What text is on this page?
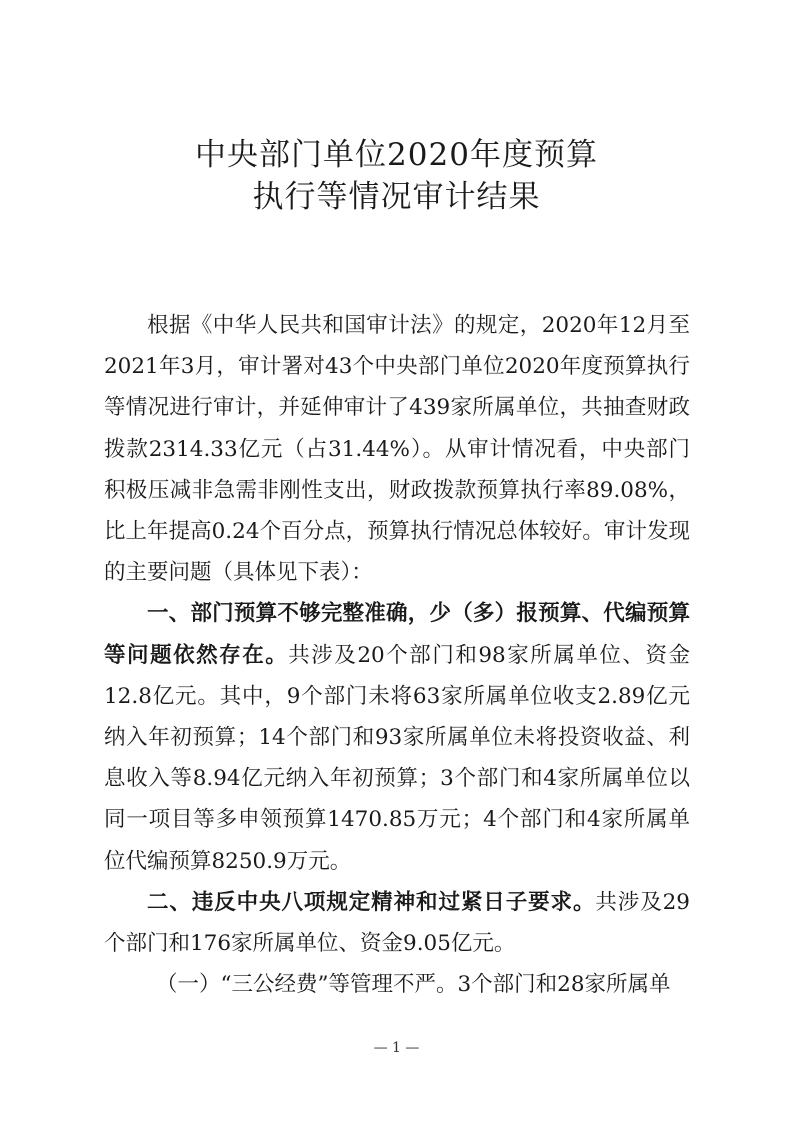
中央部门单位2020年度预算
执行等情况审计结果

根据《中华人民共和国审计法》的规定，2020年12月至2021年3月，审计署对43个中央部门单位2020年度预算执行等情况进行审计，并延伸审计了439家所属单位，共抽查财政拨款2314.33亿元（占31.44%）。从审计情况看，中央部门积极压减非急需非刚性支出，财政拨款预算执行率89.08%，比上年提高0.24个百分点，预算执行情况总体较好。审计发现的主要问题（具体见下表）：

一、部门预算不够完整准确，少（多）报预算、代编预算等问题依然存在。共涉及20个部门和98家所属单位、资金12.8亿元。其中，9个部门未将63家所属单位收支2.89亿元纳入年初预算；14个部门和93家所属单位未将投资收益、利息收入等8.94亿元纳入年初预算；3个部门和4家所属单位以同一项目等多申领预算1470.85万元；4个部门和4家所属单位代编预算8250.9万元。

二、违反中央八项规定精神和过紧日子要求。共涉及29个部门和176家所属单位、资金9.05亿元。

（一）“三公经费”等管理不严。3个部门和28家所属单

— 1 —
